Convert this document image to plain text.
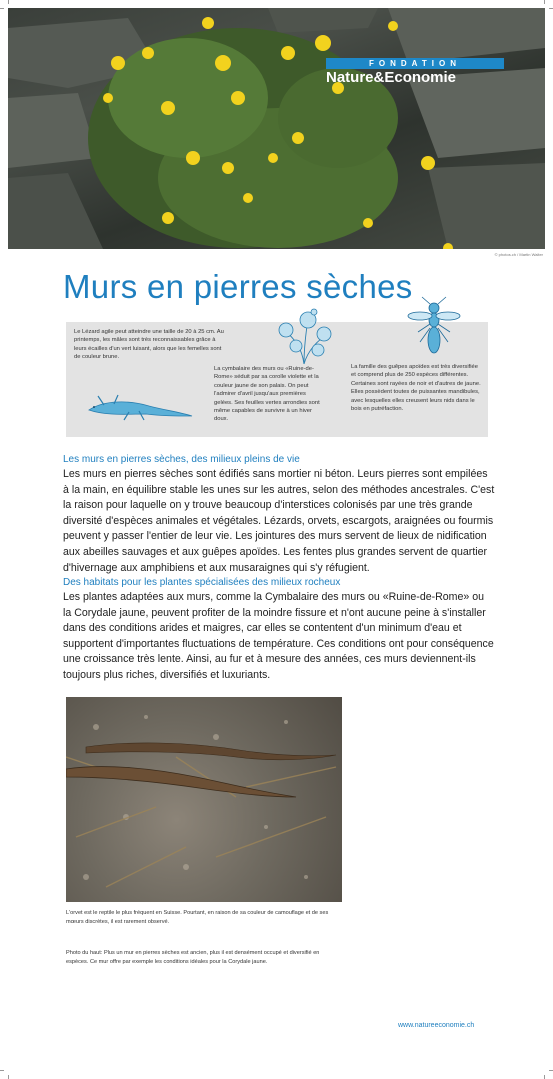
FONDATION
Nature&Economie
© photos.ch / Martin Walter
Murs en pierres sèches
Le Lézard agile peut atteindre une taille de 20 à 25 cm. Au printemps, les mâles sont très reconnaissables grâce à leurs écailles d'un vert luisant, alors que les femelles sont de couleur brune.
La cymbalaire des murs ou «Ruine-de-Rome» séduit par sa corolle violette et la couleur jaune de son palais. On peut l'admirer d'avril jusqu'aux premières gelées. Ses feuilles vertes arrondies sont même capables de survivre à un hiver doux.
La famille des guêpes apoïdes est très diversifiée et comprend plus de 250 espèces différentes. Certaines sont rayées de noir et d'autres de jaune. Elles possèdent toutes de puissantes mandibules, avec lesquelles elles creusent leurs nids dans le bois en putréfaction.
Les murs en pierres sèches, des milieux pleins de vie
Les murs en pierres sèches sont édifiés sans mortier ni béton. Leurs pierres sont empilées à la main, en équilibre stable les unes sur les autres, selon des méthodes ancestrales. C'est la raison pour laquelle on y trouve beaucoup d'interstices colonisés par une très grande diversité d'espèces animales et végétales. Lézards, orvets, escargots, araignées ou fourmis peuvent y passer l'entier de leur vie. Les jointures des murs servent de lieux de nidification aux abeilles sauvages et aux guêpes apoïdes. Les fentes plus grandes servent de quartier d'hivernage aux amphibiens et aux musaraignes qui s'y réfugient.
Des habitats pour les plantes spécialisées des milieux rocheux
Les plantes adaptées aux murs, comme la Cymbalaire des murs ou «Ruine-de-Rome» ou la Corydale jaune, peuvent profiter de la moindre fissure et n'ont aucune peine à s'installer dans des conditions arides et maigres, car elles se contentent d'un minimum d'eau et supportent d'importantes fluctuations de température. Ces conditions ont pour conséquence une croissance très lente. Ainsi, au fur et à mesure des années, ces murs deviennent-ils toujours plus riches, diversifiés et luxuriants.
L'orvet est le reptile le plus fréquent en Suisse. Pourtant, en raison de sa couleur de camouflage et de ses mœurs discrètes, il est rarement observé.
Photo du haut: Plus un mur en pierres sèches est ancien, plus il est densément occupé et diversifié en espèces. Ce mur offre par exemple les conditions idéales pour la Corydale jaune.
www.natureeconomie.ch
